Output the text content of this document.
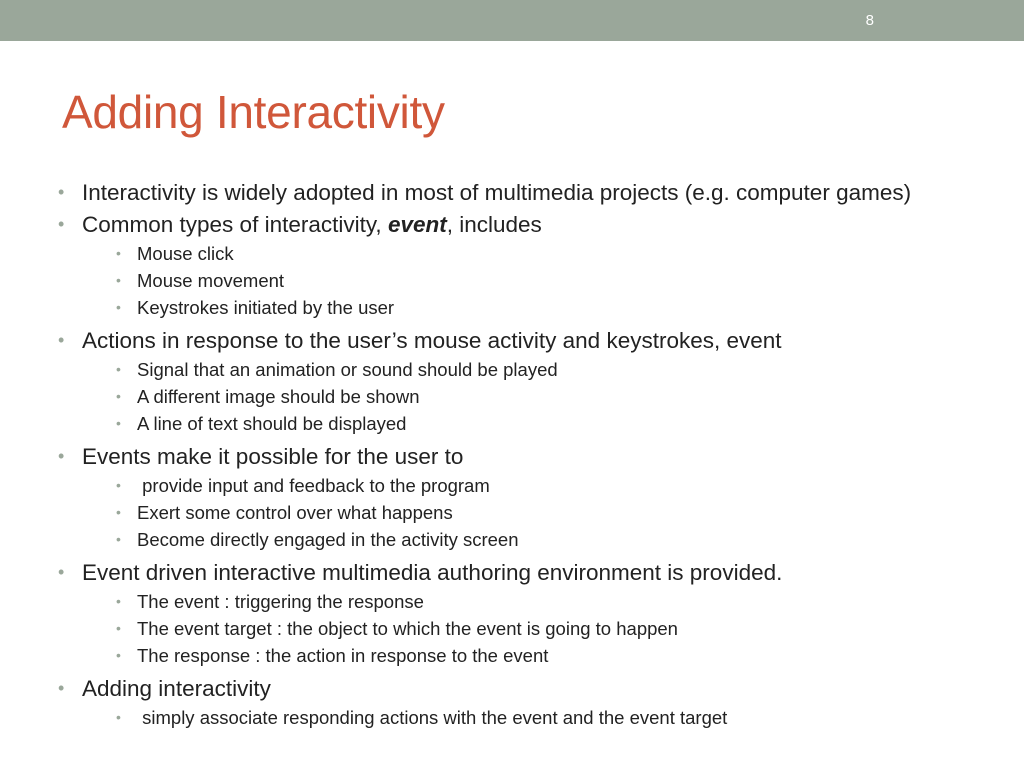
8
Adding Interactivity
• Interactivity is widely adopted in most of multimedia projects (e.g. computer games)
• Common types of interactivity, event, includes
• Mouse click
• Mouse movement
• Keystrokes initiated by the user
• Actions in response to the user’s mouse activity and keystrokes, event
• Signal that an animation or sound should be played
• A different image should be shown
• A line of text should be displayed
• Events make it possible for the user to
• provide input and feedback to the program
• Exert some control over what happens
• Become directly engaged in the activity screen
• Event driven interactive multimedia authoring environment is provided.
• The event : triggering the response
• The event target : the object to which the event is going to happen
• The response : the action in response to the event
• Adding interactivity
• simply associate responding actions with the event and the event target
